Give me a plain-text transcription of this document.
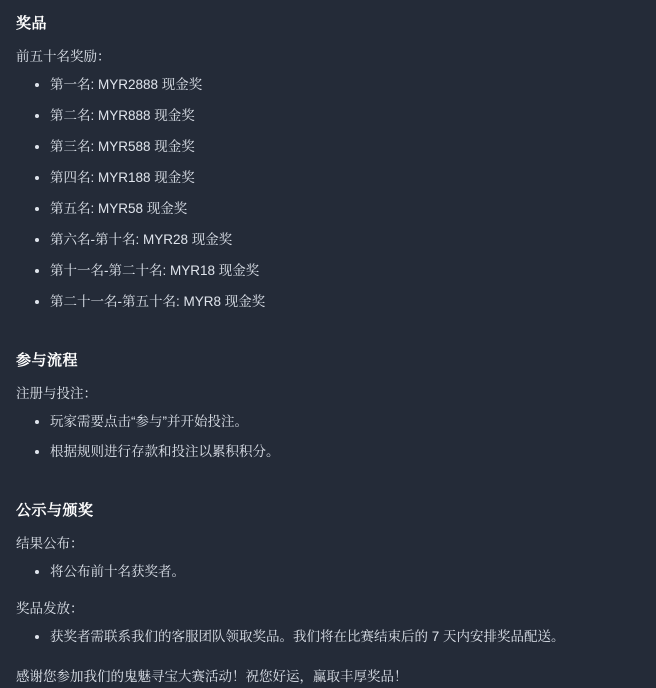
奖品

前五十名奖励：

• 第一名: MYR2888 现金奖
• 第二名: MYR888 现金奖
• 第三名: MYR588 现金奖
• 第四名: MYR188 现金奖
• 第五名: MYR58 现金奖
• 第六名-第十名: MYR28 现金奖
• 第十一名-第二十名: MYR18 现金奖
• 第二十一名-第五十名: MYR8 现金奖
参与流程

注册与投注：

• 玩家需要点击“参与”并开始投注。
• 根据规则进行存款和投注以累积积分。
公示与颁奖

结果公布：

• 将公布前十名获奖者。

奖品发放：

• 获奖者需联系我们的客服团队领取奖品。我们将在比赛结束后的 7 天内安排奖品配送。

感谢您参加我们的鬼魅寻宝大赛活动！祝您好运，赢取丰厚奖品！
